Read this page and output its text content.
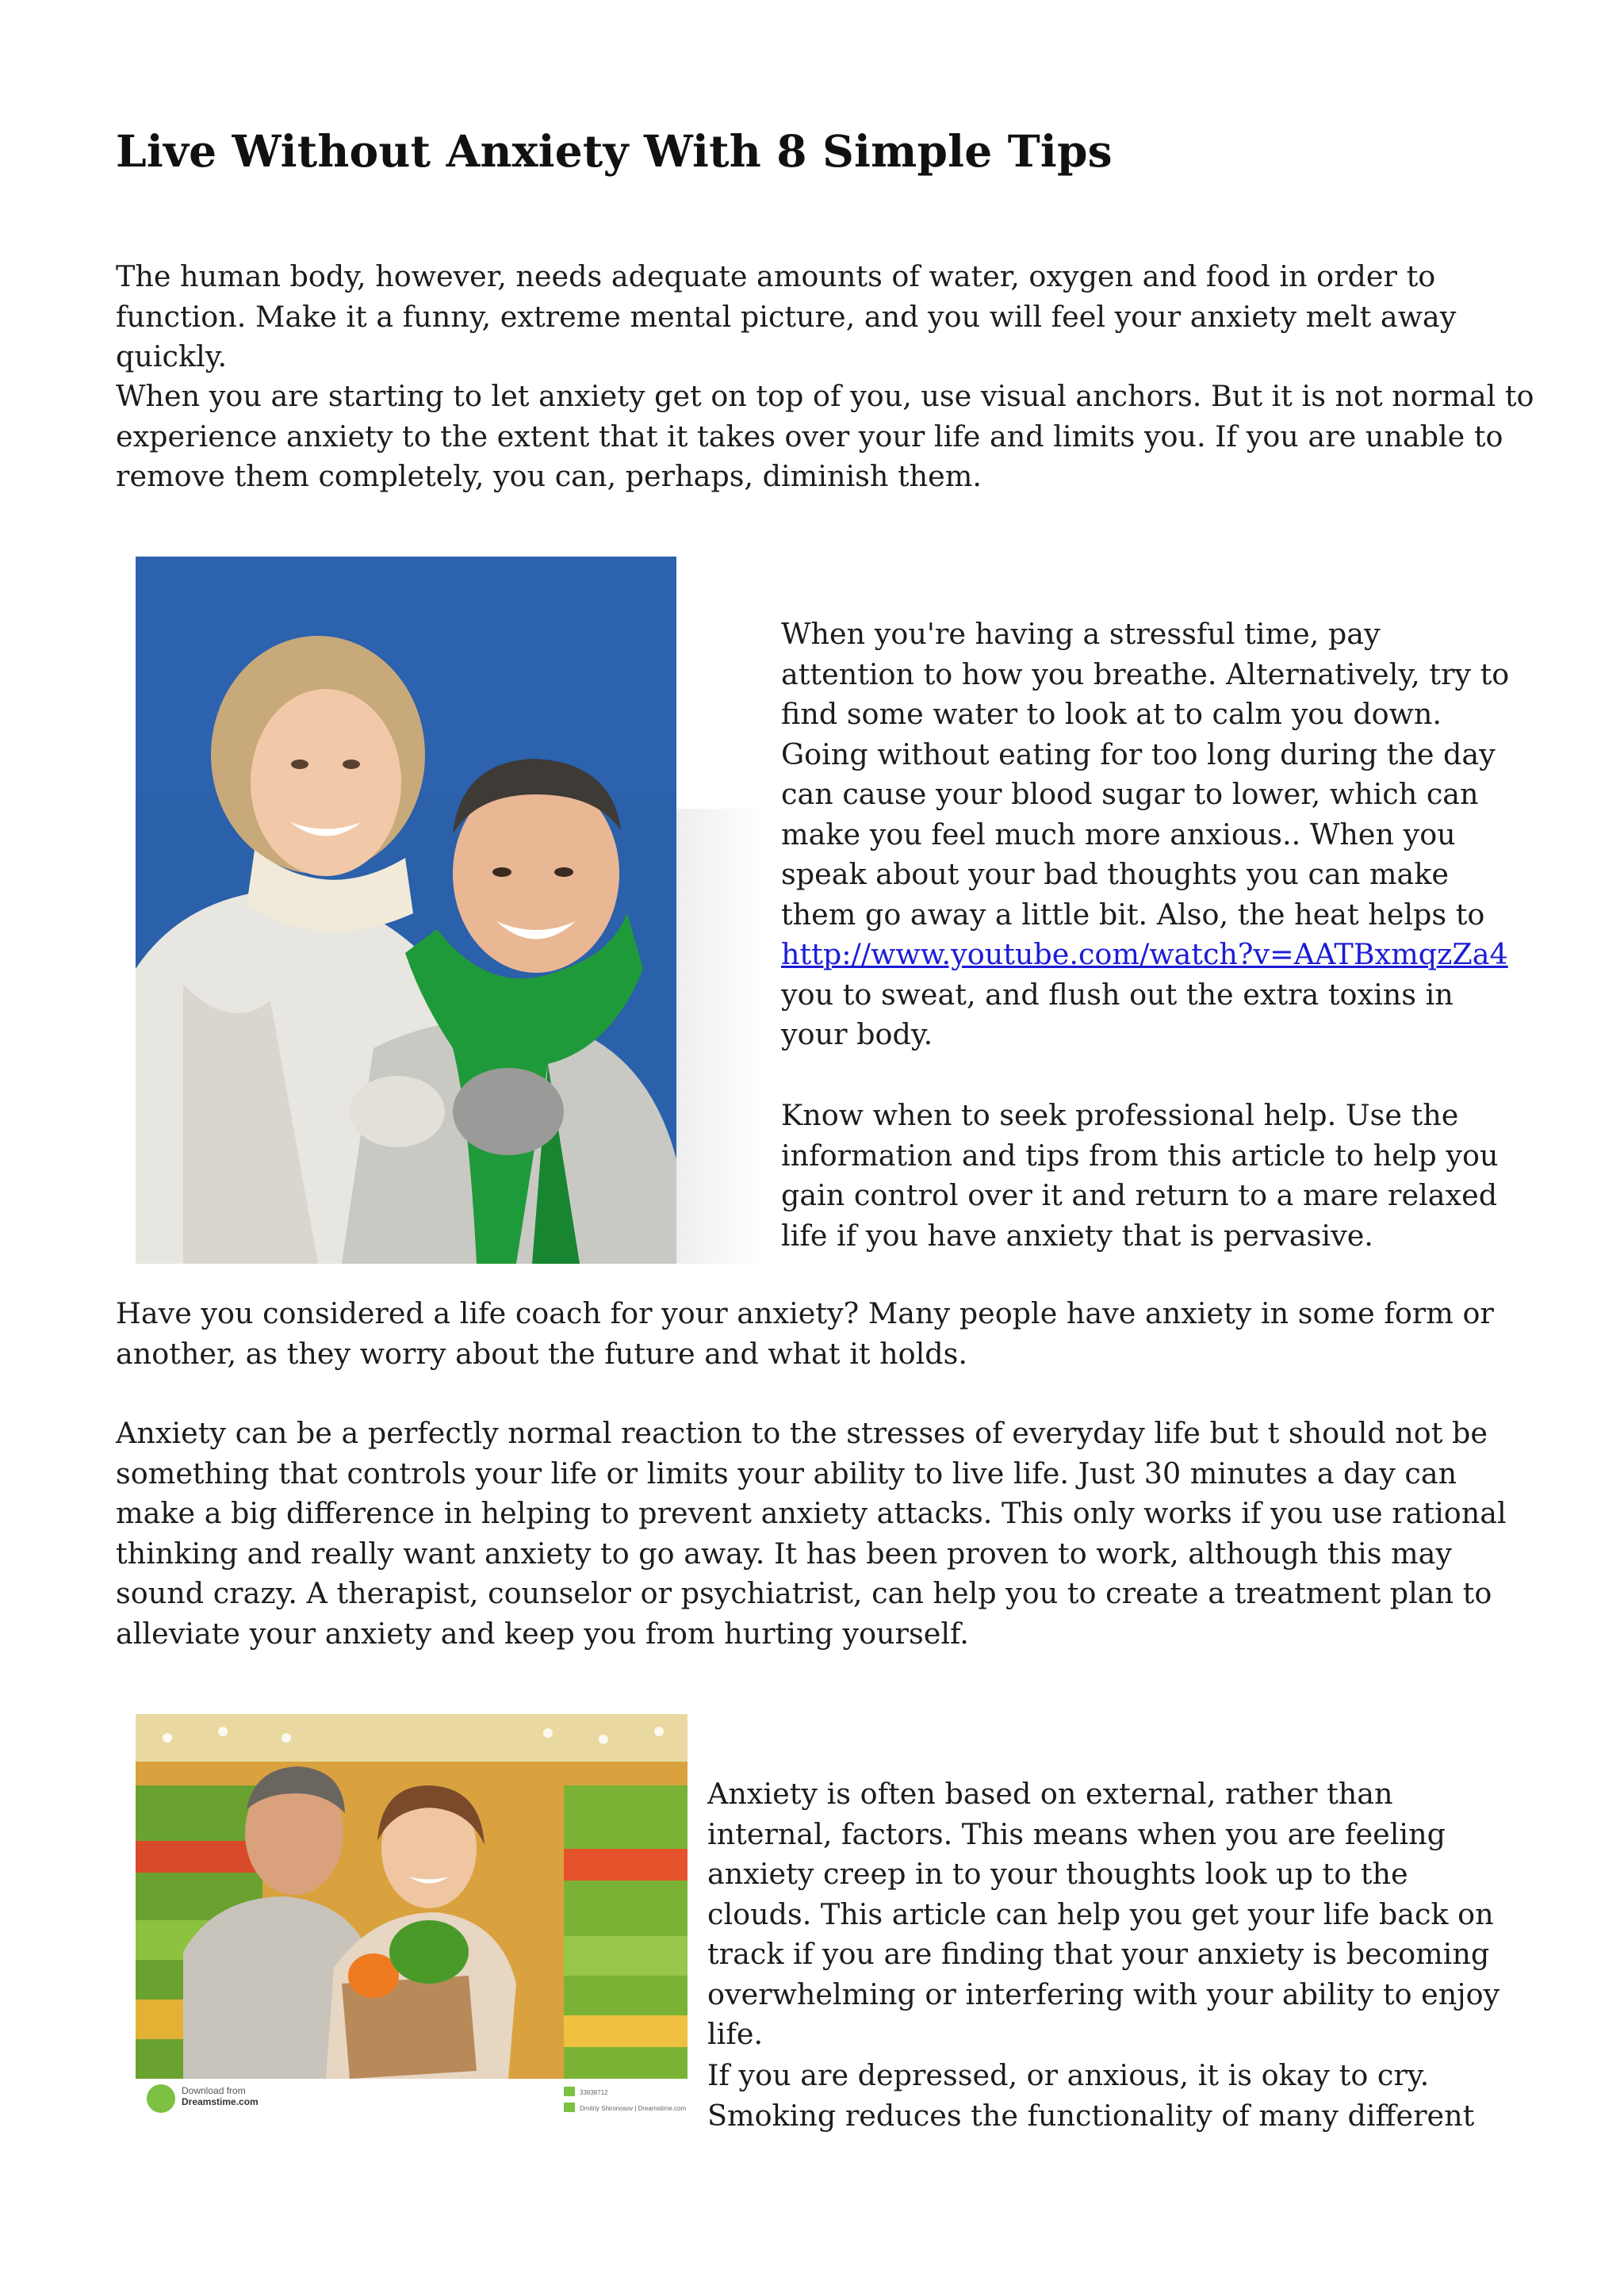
Live Without Anxiety With 8 Simple Tips

The human body, however, needs adequate amounts of water, oxygen and food in order to function. Make it a funny, extreme mental picture, and you will feel your anxiety melt away quickly.

When you are starting to let anxiety get on top of you, use visual anchors. But it is not normal to experience anxiety to the extent that it takes over your life and limits you. If you are unable to remove them completely, you can, perhaps, diminish them.

When you're having a stressful time, pay attention to how you breathe. Alternatively, try to find some water to look at to calm you down. Going without eating for too long during the day can cause your blood sugar to lower, which can make you feel much more anxious.. When you speak about your bad thoughts you can make them go away a little bit. Also, the heat helps to
http://www.youtube.com/watch?v=AATBxmqzZa4
you to sweat, and flush out the extra toxins in your body.

Know when to seek professional help. Use the information and tips from this article to help you gain control over it and return to a mare relaxed life if you have anxiety that is pervasive.

Have you considered a life coach for your anxiety? Many people have anxiety in some form or another, as they worry about the future and what it holds.

Anxiety can be a perfectly normal reaction to the stresses of everyday life but t should not be something that controls your life or limits your ability to live life. Just 30 minutes a day can make a big difference in helping to prevent anxiety attacks. This only works if you use rational thinking and really want anxiety to go away. It has been proven to work, although this may sound crazy. A therapist, counselor or psychiatrist, can help you to create a treatment plan to alleviate your anxiety and keep you from hurting yourself.

Download from
Dreamstime.com
33838712
Dmitriy Shironosov | Dreamstime.com

Anxiety is often based on external, rather than internal, factors. This means when you are feeling anxiety creep in to your thoughts look up to the clouds. This article can help you get your life back on track if you are finding that your anxiety is becoming overwhelming or interfering with your ability to enjoy life.

If you are depressed, or anxious, it is okay to cry. Smoking reduces the functionality of many different
